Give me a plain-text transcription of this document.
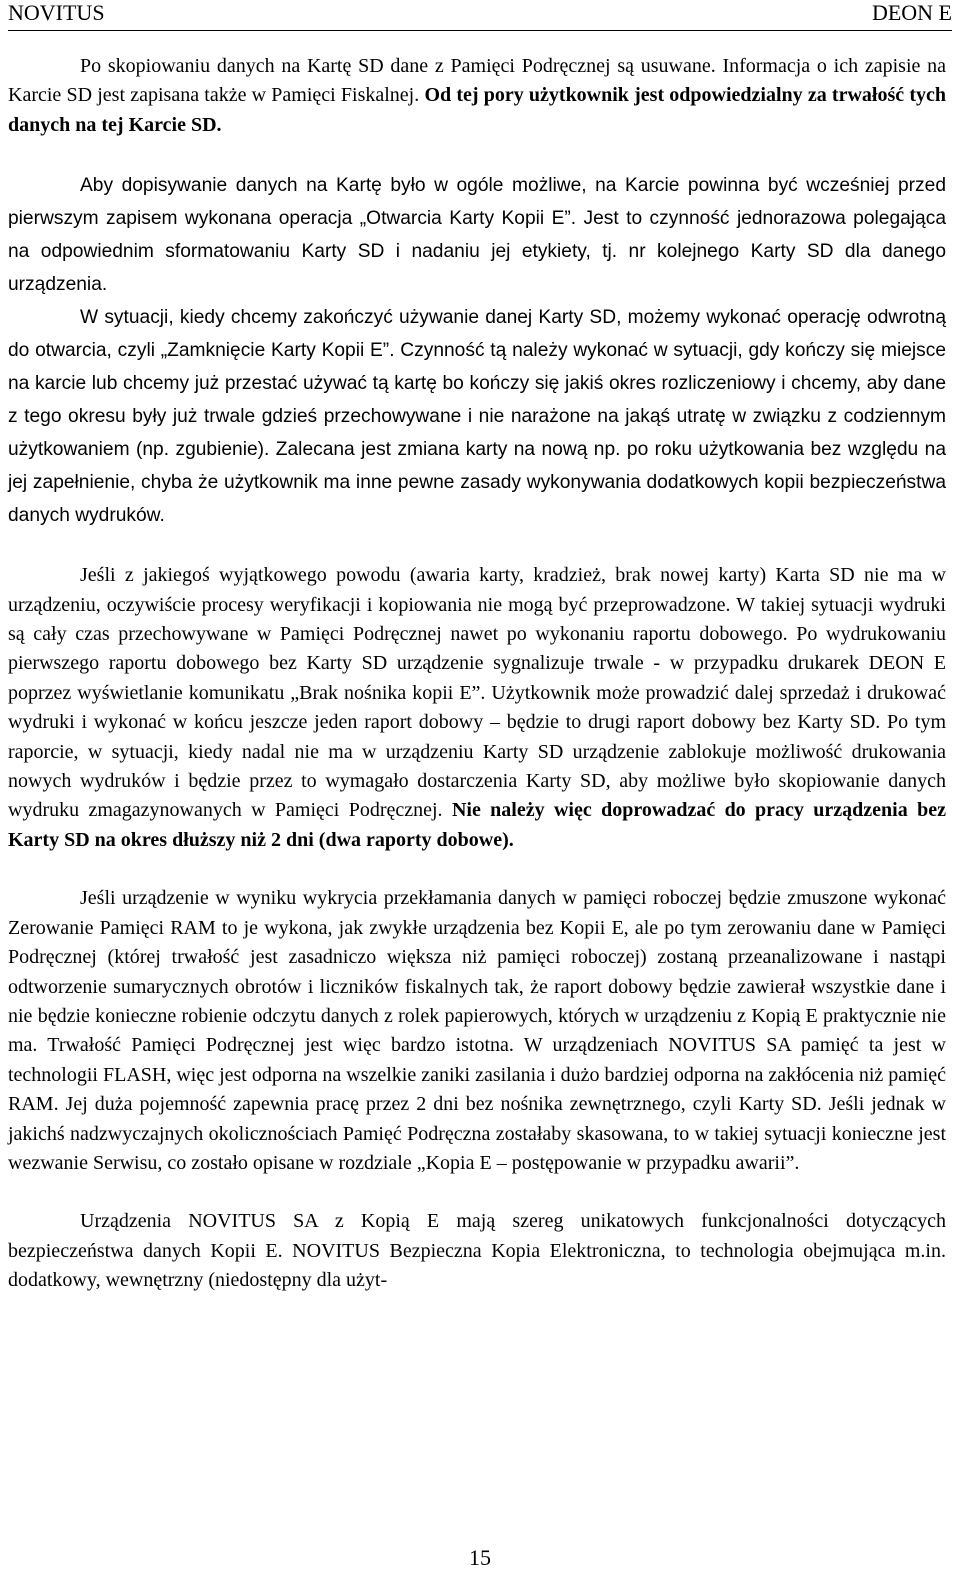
NOVITUS	DEON E

Po skopiowaniu danych na Kartę SD dane z Pamięci Podręcznej są usuwane. Informacja o ich zapisie na Karcie SD jest zapisana także w Pamięci Fiskalnej. Od tej pory użytkownik jest odpowiedzialny za trwałość tych danych na tej Karcie SD.

Aby dopisywanie danych na Kartę było w ogóle możliwe, na Karcie powinna być wcześniej przed pierwszym zapisem wykonana operacja „Otwarcia Karty Kopii E”. Jest to czynność jednorazowa polegająca na odpowiednim sformatowaniu Karty SD i nadaniu jej etykiety, tj. nr kolejnego Karty SD dla danego urządzenia.

W sytuacji, kiedy chcemy zakończyć używanie danej Karty SD, możemy wykonać operację odwrotną do otwarcia, czyli „Zamknięcie Karty Kopii E”. Czynność tą należy wykonać w sytuacji, gdy kończy się miejsce na karcie lub chcemy już przestać używać tą kartę bo kończy się jakiś okres rozliczeniowy i chcemy, aby dane z tego okresu były już trwale gdzieś przechowywane i nie narażone na jakąś utratę w związku z codziennym użytkowaniem (np. zgubienie). Zalecana jest zmiana karty na nową np. po roku użytkowania bez względu na jej zapełnienie, chyba że użytkownik ma inne pewne zasady wykonywania dodatkowych kopii bezpieczeństwa danych wydruków.

Jeśli z jakiegoś wyjątkowego powodu (awaria karty, kradzież, brak nowej karty) Karta SD nie ma w urządzeniu, oczywiście procesy weryfikacji i kopiowania nie mogą być przeprowadzone. W takiej sytuacji wydruki są cały czas przechowywane w Pamięci Podręcznej nawet po wykonaniu raportu dobowego. Po wydrukowaniu pierwszego raportu dobowego bez Karty SD urządzenie sygnalizuje trwale - w przypadku drukarek DEON E poprzez wyświetlanie komunikatu „Brak nośnika kopii E”. Użytkownik może prowadzić dalej sprzedaż i drukować wydruki i wykonać w końcu jeszcze jeden raport dobowy – będzie to drugi raport dobowy bez Karty SD. Po tym raporcie, w sytuacji, kiedy nadal nie ma w urządzeniu Karty SD urządzenie zablokuje możliwość drukowania nowych wydruków i będzie przez to wymagało dostarczenia Karty SD, aby możliwe było skopiowanie danych wydruku zmagazynowanych w Pamięci Podręcznej. Nie należy więc doprowadzać do pracy urządzenia bez Karty SD na okres dłuższy niż 2 dni (dwa raporty dobowe).

Jeśli urządzenie w wyniku wykrycia przekłamania danych w pamięci roboczej będzie zmuszone wykonać Zerowanie Pamięci RAM to je wykona, jak zwykłe urządzenia bez Kopii E, ale po tym zerowaniu dane w Pamięci Podręcznej (której trwałość jest zasadniczo większa niż pamięci roboczej) zostaną przeanalizowane i nastąpi odtworzenie sumarycznych obrotów i liczników fiskalnych tak, że raport dobowy będzie zawierał wszystkie dane i nie będzie konieczne robienie odczytu danych z rolek papierowych, których w urządzeniu z Kopią E praktycznie nie ma. Trwałość Pamięci Podręcznej jest więc bardzo istotna. W urządzeniach NOVITUS SA pamięć ta jest w technologii FLASH, więc jest odporna na wszelkie zaniki zasilania i dużo bardziej odporna na zakłócenia niż pamięć RAM. Jej duża pojemność zapewnia pracę przez 2 dni bez nośnika zewnętrznego, czyli Karty SD. Jeśli jednak w jakichś nadzwyczajnych okolicznościach Pamięć Podręczna zostałaby skasowana, to w takiej sytuacji konieczne jest wezwanie Serwisu, co zostało opisane w rozdziale „Kopia E – postępowanie w przypadku awarii”.

Urządzenia NOVITUS SA z Kopią E mają szereg unikatowych funkcjonalności dotyczących bezpieczeństwa danych Kopii E. NOVITUS Bezpieczna Kopia Elektroniczna, to technologia obejmująca m.in. dodatkowy, wewnętrzny (niedostępny dla użyt-

15
